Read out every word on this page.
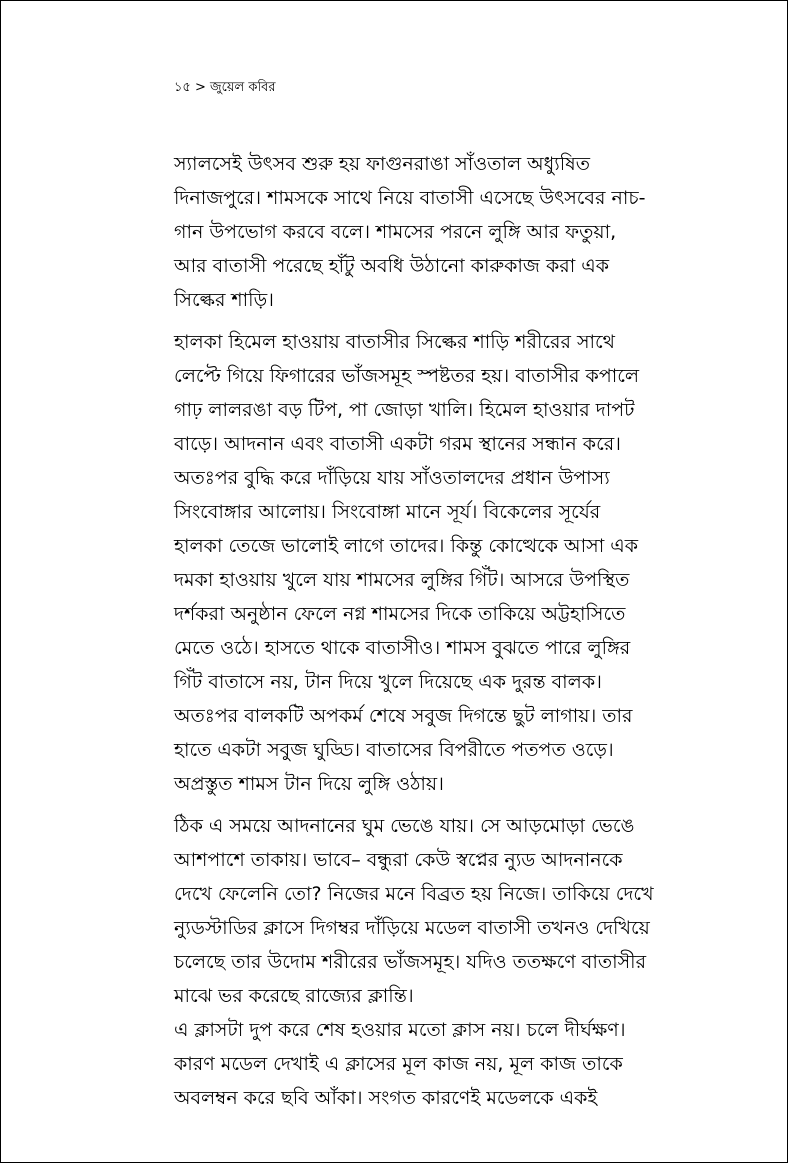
১৫ > জুয়েল কবির

স্যালসেই উৎসব শুরু হয় ফাগুনরাঙা সাঁওতাল অধ্যুষিত
দিনাজপুরে। শামসকে সাথে নিয়ে বাতাসী এসেছে উৎসবের নাচ-
গান উপভোগ করবে বলে। শামসের পরনে লুঙ্গি আর ফতুয়া,
আর বাতাসী পরেছে হাঁটু অবধি উঠানো কারুকাজ করা এক
সিল্কের শাড়ি।

হালকা হিমেল হাওয়ায় বাতাসীর সিল্কের শাড়ি শরীরের সাথে
লেপ্টে গিয়ে ফিগারের ভাঁজসমূহ স্পষ্টতর হয়। বাতাসীর কপালে
গাঢ় লালরঙা বড় টিপ, পা জোড়া খালি। হিমেল হাওয়ার দাপট
বাড়ে। আদনান এবং বাতাসী একটা গরম স্থানের সন্ধান করে।
অতঃপর বুদ্ধি করে দাঁড়িয়ে যায় সাঁওতালদের প্রধান উপাস্য
সিংবোঙ্গার আলোয়। সিংবোঙ্গা মানে সূর্য। বিকেলের সূর্যের
হালকা তেজে ভালোই লাগে তাদের। কিন্তু কোত্থেকে আসা এক
দমকা হাওয়ায় খুলে যায় শামসের লুঙ্গির গিঁট। আসরে উপস্থিত
দর্শকরা অনুষ্ঠান ফেলে নগ্ন শামসের দিকে তাকিয়ে অট্টহাসিতে
মেতে ওঠে। হাসতে থাকে বাতাসীও। শামস বুঝতে পারে লুঙ্গির
গিঁট বাতাসে নয়, টান দিয়ে খুলে দিয়েছে এক দুরন্ত বালক।
অতঃপর বালকটি অপকর্ম শেষে সবুজ দিগন্তে ছুট লাগায়। তার
হাতে একটা সবুজ ঘুড্ডি। বাতাসের বিপরীতে পতপত ওড়ে।
অপ্রস্তুত শামস টান দিয়ে লুঙ্গি ওঠায়।

ঠিক এ সময়ে আদনানের ঘুম ভেঙে যায়। সে আড়মোড়া ভেঙে
আশপাশে তাকায়। ভাবে– বন্ধুরা কেউ স্বপ্নের ন্যুড আদনানকে
দেখে ফেলেনি তো? নিজের মনে বিব্রত হয় নিজে। তাকিয়ে দেখে
ন্যুডস্টাডির ক্লাসে দিগম্বর দাঁড়িয়ে মডেল বাতাসী তখনও দেখিয়ে
চলেছে তার উদোম শরীরের ভাঁজসমূহ। যদিও ততক্ষণে বাতাসীর
মাঝে ভর করেছে রাজ্যের ক্লান্তি।

এ ক্লাসটা দুপ করে শেষ হওয়ার মতো ক্লাস নয়। চলে দীর্ঘক্ষণ।
কারণ মডেল দেখাই এ ক্লাসের মূল কাজ নয়, মূল কাজ তাকে
অবলম্বন করে ছবি আঁকা। সংগত কারণেই মডেলকে একই
